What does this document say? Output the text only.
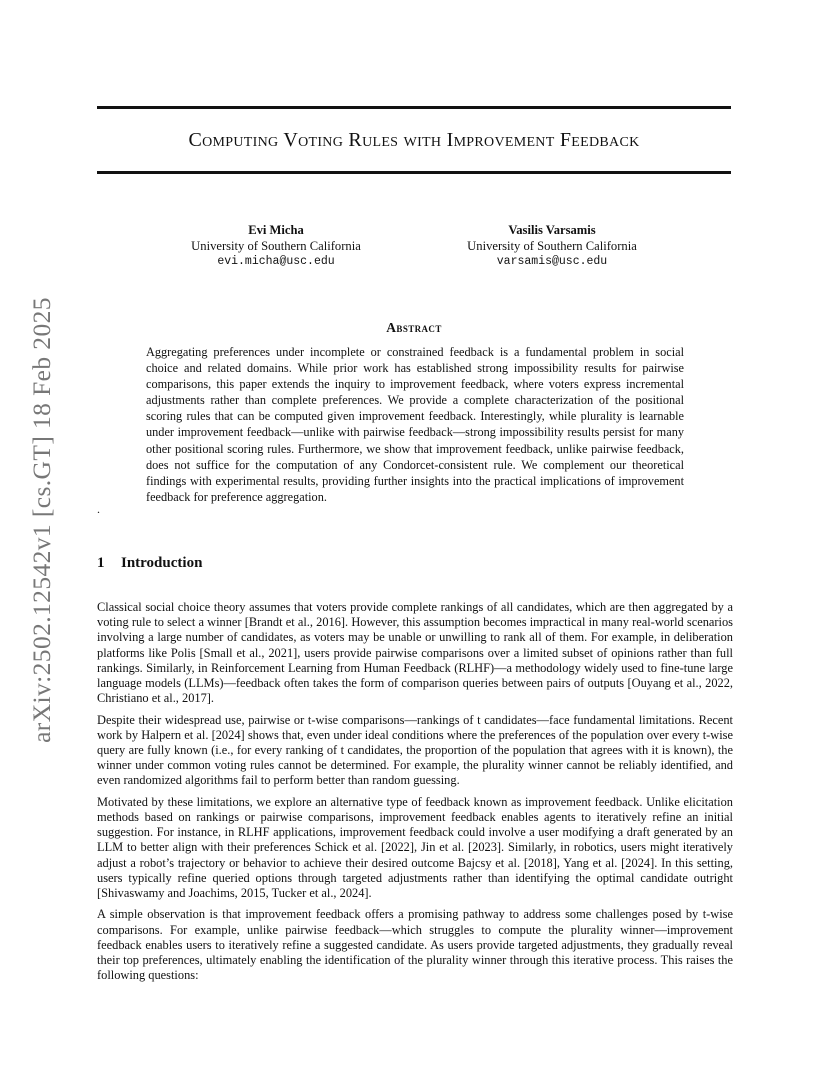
arXiv:2502.12542v1 [cs.GT] 18 Feb 2025
Computing Voting Rules with Improvement Feedback
Evi Micha
University of Southern California
evi.micha@usc.edu
Vasilis Varsamis
University of Southern California
varsamis@usc.edu
Abstract
Aggregating preferences under incomplete or constrained feedback is a fundamental problem in social choice and related domains. While prior work has established strong impossibility results for pairwise comparisons, this paper extends the inquiry to improvement feedback, where voters express incremental adjustments rather than complete preferences. We provide a complete characterization of the positional scoring rules that can be computed given improvement feedback. Interestingly, while plurality is learnable under improvement feedback—unlike with pairwise feedback—strong impossibility results persist for many other positional scoring rules. Furthermore, we show that improvement feedback, unlike pairwise feedback, does not suffice for the computation of any Condorcet-consistent rule. We complement our theoretical findings with experimental results, providing further insights into the practical implications of improvement feedback for preference aggregation.
.
1 Introduction

Classical social choice theory assumes that voters provide complete rankings of all candidates, which are then aggregated by a voting rule to select a winner [Brandt et al., 2016]. However, this assumption becomes impractical in many real-world scenarios involving a large number of candidates, as voters may be unable or unwilling to rank all of them. For example, in deliberation platforms like Polis [Small et al., 2021], users provide pairwise comparisons over a limited subset of opinions rather than full rankings. Similarly, in Reinforcement Learning from Human Feedback (RLHF)—a methodology widely used to fine-tune large language models (LLMs)—feedback often takes the form of comparison queries between pairs of outputs [Ouyang et al., 2022, Christiano et al., 2017].

Despite their widespread use, pairwise or t-wise comparisons—rankings of t candidates—face fundamental limitations. Recent work by Halpern et al. [2024] shows that, even under ideal conditions where the preferences of the population over every t-wise query are fully known (i.e., for every ranking of t candidates, the proportion of the population that agrees with it is known), the winner under common voting rules cannot be determined. For example, the plurality winner cannot be reliably identified, and even randomized algorithms fail to perform better than random guessing.

Motivated by these limitations, we explore an alternative type of feedback known as improvement feedback. Unlike elicitation methods based on rankings or pairwise comparisons, improvement feedback enables agents to iteratively refine an initial suggestion. For instance, in RLHF applications, improvement feedback could involve a user modifying a draft generated by an LLM to better align with their preferences Schick et al. [2022], Jin et al. [2023]. Similarly, in robotics, users might iteratively adjust a robot’s trajectory or behavior to achieve their desired outcome Bajcsy et al. [2018], Yang et al. [2024]. In this setting, users typically refine queried options through targeted adjustments rather than identifying the optimal candidate outright [Shivaswamy and Joachims, 2015, Tucker et al., 2024].

A simple observation is that improvement feedback offers a promising pathway to address some challenges posed by t-wise comparisons. For example, unlike pairwise feedback—which struggles to compute the plurality winner—improvement feedback enables users to iteratively refine a suggested candidate. As users provide targeted adjustments, they gradually reveal their top preferences, ultimately enabling the identification of the plurality winner through this iterative process. This raises the following questions:
